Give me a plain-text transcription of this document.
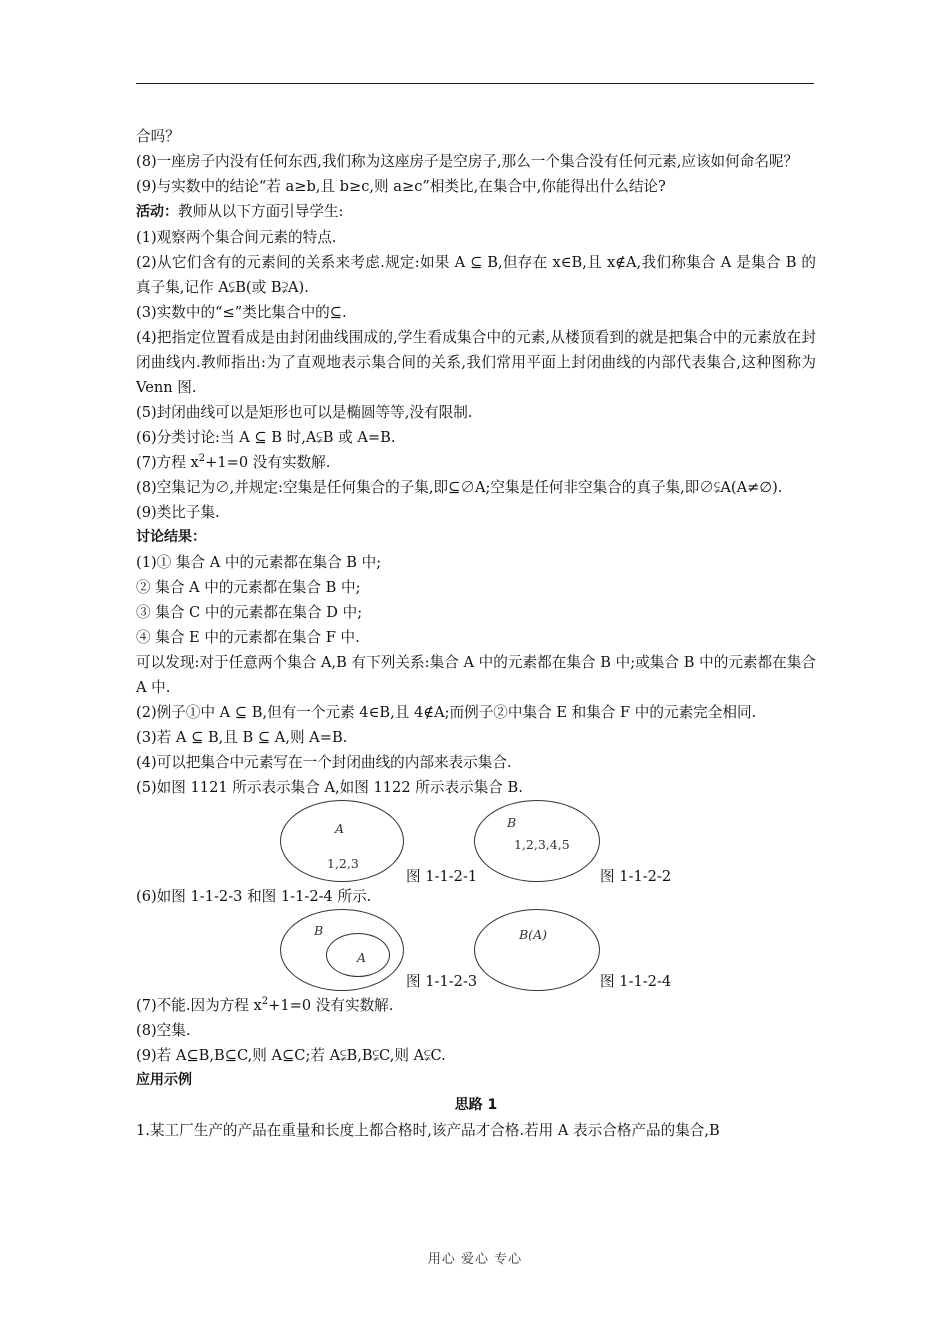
合吗？

(8)一座房子内没有任何东西,我们称为这座房子是空房子,那么一个集合没有任何元素,应该如何命名呢？

(9)与实数中的结论“若 a≥b,且 b≥c,则 a≥c”相类比,在集合中,你能得出什么结论?

活动：教师从以下方面引导学生:

(1)观察两个集合间元素的特点.

(2)从它们含有的元素间的关系来考虑.规定:如果 A ⊆ B,但存在 x∈B,且 x∉A,我们称集合 A 是集合 B 的真子集,记作 A⫋B(或 B⫌A).

(3)实数中的“≤”类比集合中的⊆.

(4)把指定位置看成是由封闭曲线围成的,学生看成集合中的元素,从楼顶看到的就是把集合中的元素放在封闭曲线内.教师指出:为了直观地表示集合间的关系,我们常用平面上封闭曲线的内部代表集合,这种图称为 Venn 图.

(5)封闭曲线可以是矩形也可以是椭圆等等,没有限制.

(6)分类讨论:当 A ⊆ B 时,A⫋B 或 A=B.

(7)方程 $x^2+1=0$ 没有实数解.

(8)空集记为∅,并规定:空集是任何集合的子集,即⊆∅A;空集是任何非空集合的真子集,即∅⫋A(A≠∅).

(9)类比子集.

讨论结果：

(1)① 集合 A 中的元素都在集合 B 中;

② 集合 A 中的元素都在集合 B 中;

③ 集合 C 中的元素都在集合 D 中;

④ 集合 E 中的元素都在集合 F 中.

可以发现:对于任意两个集合 A,B 有下列关系:集合 A 中的元素都在集合 B 中;或集合 B 中的元素都在集合 A 中.

(2)例子①中 A ⊆ B,但有一个元素 4∈B,且 4∉A;而例子②中集合 E 和集合 F 中的元素完全相同.

(3)若 A ⊆ B,且 B ⊆ A,则 A=B.

(4)可以把集合中元素写在一个封闭曲线的内部来表示集合.

(5)如图 1121 所示表示集合 A,如图 1122 所示表示集合 B.

A
1,2,3
图 1-1-2-1
B
1,2,3,4,5
图 1-1-2-2

(6)如图 1-1-2-3 和图 1-1-2-4 所示.

B
A
图 1-1-2-3
B(A)
图 1-1-2-4

(7)不能.因为方程 $x^2+1=0$ 没有实数解.

(8)空集.

(9)若 A⊆B,B⊆C,则 A⊆C;若 A⫋B,B⫋C,则 A⫋C.

应用示例

思路 1

1.某工厂生产的产品在重量和长度上都合格时,该产品才合格.若用 A 表示合格产品的集合,B

用心 爱心 专心
